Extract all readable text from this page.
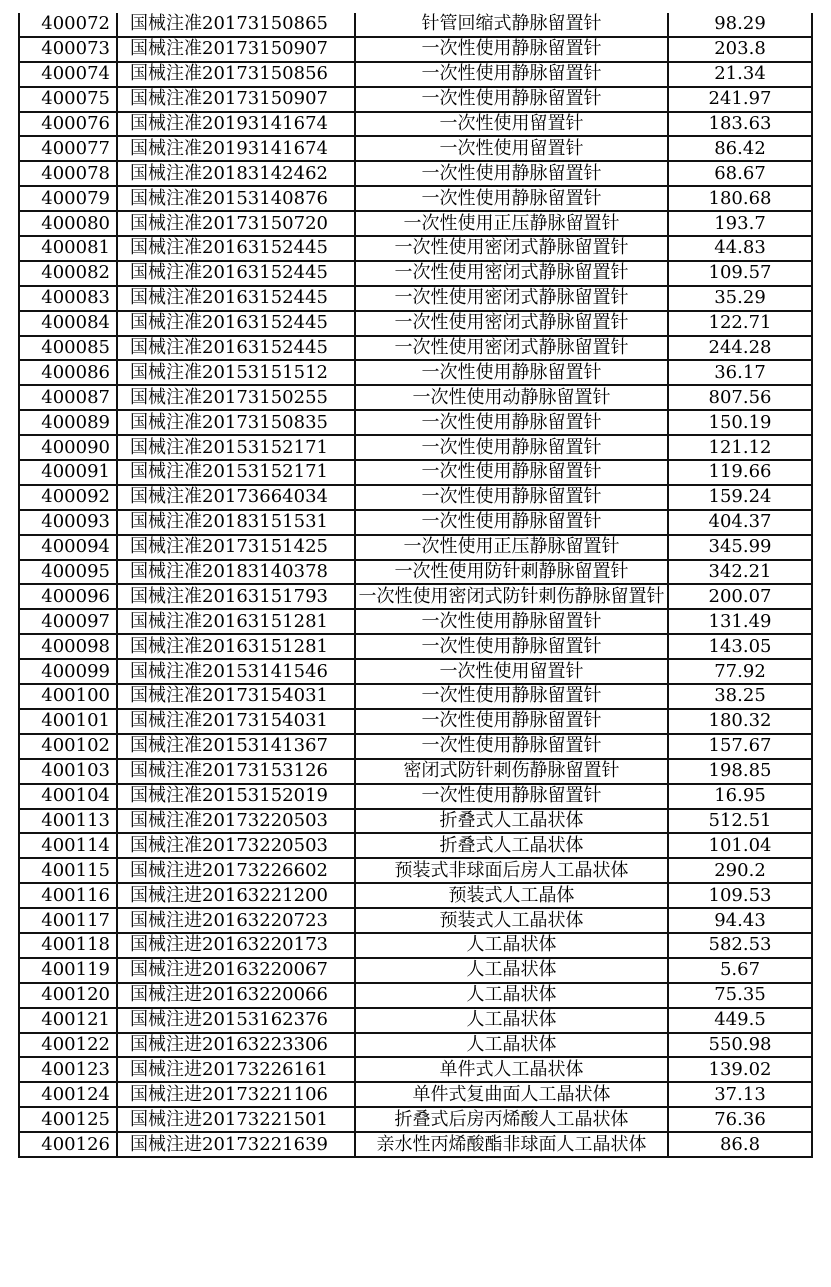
400072	国械注准20173150865	针管回缩式静脉留置针	98.29
400073	国械注准20173150907	一次性使用静脉留置针	203.8
400074	国械注准20173150856	一次性使用静脉留置针	21.34
400075	国械注准20173150907	一次性使用静脉留置针	241.97
400076	国械注准20193141674	一次性使用留置针	183.63
400077	国械注准20193141674	一次性使用留置针	86.42
400078	国械注准20183142462	一次性使用静脉留置针	68.67
400079	国械注准20153140876	一次性使用静脉留置针	180.68
400080	国械注准20173150720	一次性使用正压静脉留置针	193.7
400081	国械注准20163152445	一次性使用密闭式静脉留置针	44.83
400082	国械注准20163152445	一次性使用密闭式静脉留置针	109.57
400083	国械注准20163152445	一次性使用密闭式静脉留置针	35.29
400084	国械注准20163152445	一次性使用密闭式静脉留置针	122.71
400085	国械注准20163152445	一次性使用密闭式静脉留置针	244.28
400086	国械注准20153151512	一次性使用静脉留置针	36.17
400087	国械注准20173150255	一次性使用动静脉留置针	807.56
400089	国械注准20173150835	一次性使用静脉留置针	150.19
400090	国械注准20153152171	一次性使用静脉留置针	121.12
400091	国械注准20153152171	一次性使用静脉留置针	119.66
400092	国械注准20173664034	一次性使用静脉留置针	159.24
400093	国械注准20183151531	一次性使用静脉留置针	404.37
400094	国械注准20173151425	一次性使用正压静脉留置针	345.99
400095	国械注准20183140378	一次性使用防针刺静脉留置针	342.21
400096	国械注准20163151793	一次性使用密闭式防针刺伤静脉留置针	200.07
400097	国械注准20163151281	一次性使用静脉留置针	131.49
400098	国械注准20163151281	一次性使用静脉留置针	143.05
400099	国械注准20153141546	一次性使用留置针	77.92
400100	国械注准20173154031	一次性使用静脉留置针	38.25
400101	国械注准20173154031	一次性使用静脉留置针	180.32
400102	国械注准20153141367	一次性使用静脉留置针	157.67
400103	国械注准20173153126	密闭式防针刺伤静脉留置针	198.85
400104	国械注准20153152019	一次性使用静脉留置针	16.95
400113	国械注准20173220503	折叠式人工晶状体	512.51
400114	国械注准20173220503	折叠式人工晶状体	101.04
400115	国械注进20173226602	预装式非球面后房人工晶状体	290.2
400116	国械注进20163221200	预装式人工晶体	109.53
400117	国械注进20163220723	预装式人工晶状体	94.43
400118	国械注进20163220173	人工晶状体	582.53
400119	国械注进20163220067	人工晶状体	5.67
400120	国械注进20163220066	人工晶状体	75.35
400121	国械注进20153162376	人工晶状体	449.5
400122	国械注进20163223306	人工晶状体	550.98
400123	国械注进20173226161	单件式人工晶状体	139.02
400124	国械注进20173221106	单件式复曲面人工晶状体	37.13
400125	国械注进20173221501	折叠式后房丙烯酸人工晶状体	76.36
400126	国械注进20173221639	亲水性丙烯酸酯非球面人工晶状体	86.8
